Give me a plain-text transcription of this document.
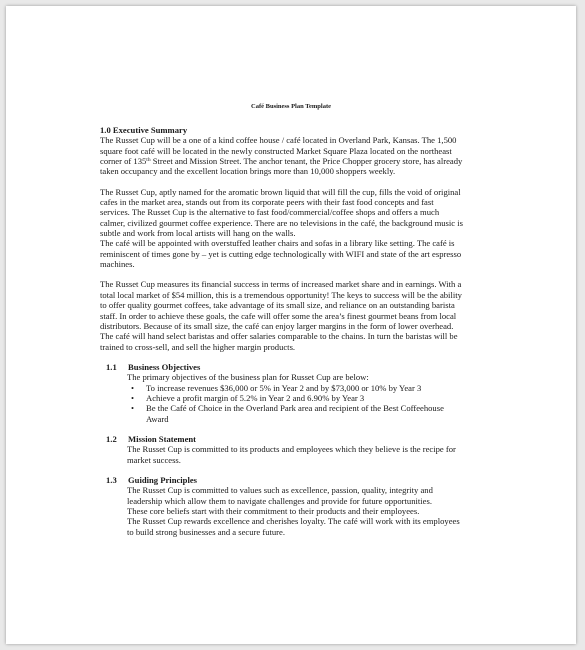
Café Business Plan Template

1.0 Executive Summary

The Russet Cup will be a one of a kind coffee house / café located in Overland Park, Kansas. The 1,500 square foot café will be located in the newly constructed Market Square Plaza located on the northeast corner of 135th Street and Mission Street. The anchor tenant, the Price Chopper grocery store, has already taken occupancy and the excellent location brings more than 10,000 shoppers weekly.

The Russet Cup, aptly named for the aromatic brown liquid that will fill the cup, fills the void of original cafes in the market area, stands out from its corporate peers with their fast food concepts and fast services. The Russet Cup is the alternative to fast food/commercial/coffee shops and offers a much calmer, civilized gourmet coffee experience. There are no televisions in the café, the background music is subtle and work from local artists will hang on the walls.

The café will be appointed with overstuffed leather chairs and sofas in a library like setting. The café is reminiscent of times gone by – yet is cutting edge technologically with WIFI and state of the art espresso machines.

The Russet Cup measures its financial success in terms of increased market share and in earnings. With a total local market of $54 million, this is a tremendous opportunity! The keys to success will be the ability to offer quality gourmet coffees, take advantage of its small size, and reliance on an outstanding barista staff. In order to achieve these goals, the cafe will offer some the area’s finest gourmet beans from local distributors. Because of its small size, the café can enjoy larger margins in the form of lower overhead. The café will hand select baristas and offer salaries comparable to the chains. In turn the baristas will be trained to cross-sell, and sell the higher margin products.

1.1 Business Objectives

The primary objectives of the business plan for Russet Cup are below:

• To increase revenues $36,000 or 5% in Year 2 and by $73,000 or 10% by Year 3
• Achieve a profit margin of 5.2% in Year 2 and 6.90% by Year 3
• Be the Café of Choice in the Overland Park area and recipient of the Best Coffeehouse Award
1.2 Mission Statement

The Russet Cup is committed to its products and employees which they believe is the recipe for market success.

1.3 Guiding Principles

The Russet Cup is committed to values such as excellence, passion, quality, integrity and leadership which allow them to navigate challenges and provide for future opportunities.

These core beliefs start with their commitment to their products and their employees.

The Russet Cup rewards excellence and cherishes loyalty. The café will work with its employees to build strong businesses and a secure future.
